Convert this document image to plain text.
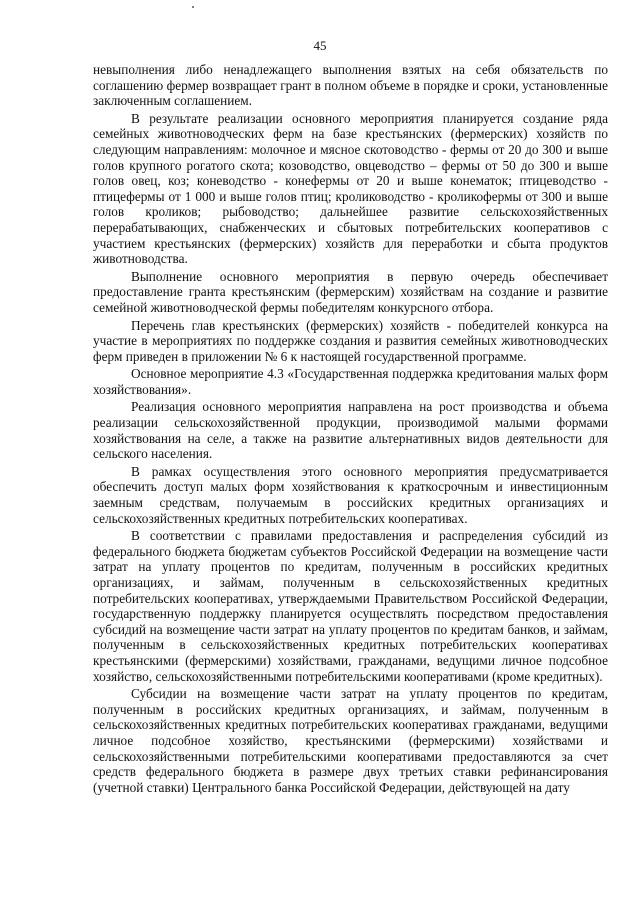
45

невыполнения либо ненадлежащего выполнения взятых на себя обязательств по соглашению фермер возвращает грант в полном объеме в порядке и сроки, установленные заключенным соглашением.

В результате реализации основного мероприятия планируется создание ряда семейных животноводческих ферм на базе крестьянских (фермерских) хозяйств по следующим направлениям: молочное и мясное скотоводство - фермы от 20 до 300 и выше голов крупного рогатого скота; козоводство, овцеводство – фермы от 50 до 300 и выше голов овец, коз; коневодство - конефермы от 20 и выше конематок; птицеводство - птицефермы от 1 000 и выше голов птиц; кролиководство - кроликофермы от 300 и выше голов кроликов; рыбоводство; дальнейшее развитие сельскохозяйственных перерабатывающих, снабженческих и сбытовых потребительских кооперативов с участием крестьянских (фермерских) хозяйств для переработки и сбыта продуктов животноводства.

Выполнение основного мероприятия в первую очередь обеспечивает предоставление гранта крестьянским (фермерским) хозяйствам на создание и развитие семейной животноводческой фермы победителям конкурсного отбора.

Перечень глав крестьянских (фермерских) хозяйств - победителей конкурса на участие в мероприятиях по поддержке создания и развития семейных животноводческих ферм приведен в приложении № 6 к настоящей государственной программе.

Основное мероприятие 4.3 «Государственная поддержка кредитования малых форм хозяйствования».

Реализация основного мероприятия направлена на рост производства и объема реализации сельскохозяйственной продукции, производимой малыми формами хозяйствования на селе, а также на развитие альтернативных видов деятельности для сельского населения.

В рамках осуществления этого основного мероприятия предусматривается обеспечить доступ малых форм хозяйствования к краткосрочным и инвестиционным заемным средствам, получаемым в российских кредитных организациях и сельскохозяйственных кредитных потребительских кооперативах.

В соответствии с правилами предоставления и распределения субсидий из федерального бюджета бюджетам субъектов Российской Федерации на возмещение части затрат на уплату процентов по кредитам, полученным в российских кредитных организациях, и займам, полученным в сельскохозяйственных кредитных потребительских кооперативах, утверждаемыми Правительством Российской Федерации, государственную поддержку планируется осуществлять посредством предоставления субсидий на возмещение части затрат на уплату процентов по кредитам банков, и займам, полученным в сельскохозяйственных кредитных потребительских кооперативах крестьянскими (фермерскими) хозяйствами, гражданами, ведущими личное подсобное хозяйство, сельскохозяйственными потребительскими кооперативами (кроме кредитных).

Субсидии на возмещение части затрат на уплату процентов по кредитам, полученным в российских кредитных организациях, и займам, полученным в сельскохозяйственных кредитных потребительских кооперативах гражданами, ведущими личное подсобное хозяйство, крестьянскими (фермерскими) хозяйствами и сельскохозяйственными потребительскими кооперативами предоставляются за счет средств федерального бюджета в размере двух третьих ставки рефинансирования (учетной ставки) Центрального банка Российской Федерации, действующей на дату
